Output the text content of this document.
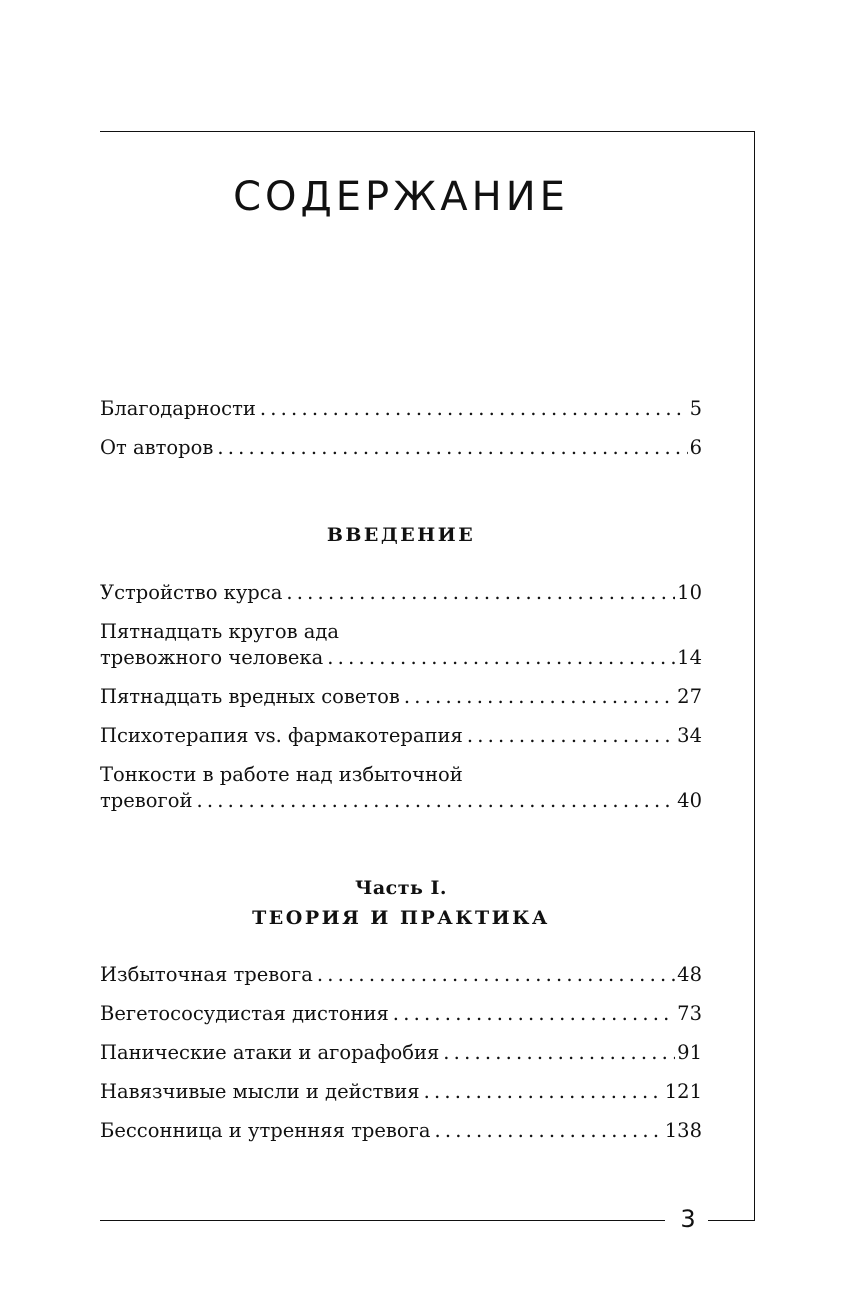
3
СОДЕРЖАНИЕ
Благодарности .....	5
От авторов .....	6
ВВЕДЕНИЕ
Устройство курса .....	10
Пятнадцать кругов ада
тревожного человека .....	14
Пятнадцать вредных советов .....	27
Психотерапия vs. фармакотерапия .....	34
Тонкости в работе над избыточной
тревогой .....	40
Часть I.
ТЕОРИЯ И ПРАКТИКА
Избыточная тревога .....	48
Вегетососудистая дистония .....	73
Панические атаки и агорафобия .....	91
Навязчивые мысли и действия .....	121
Бессонница и утренняя тревога .....	138
